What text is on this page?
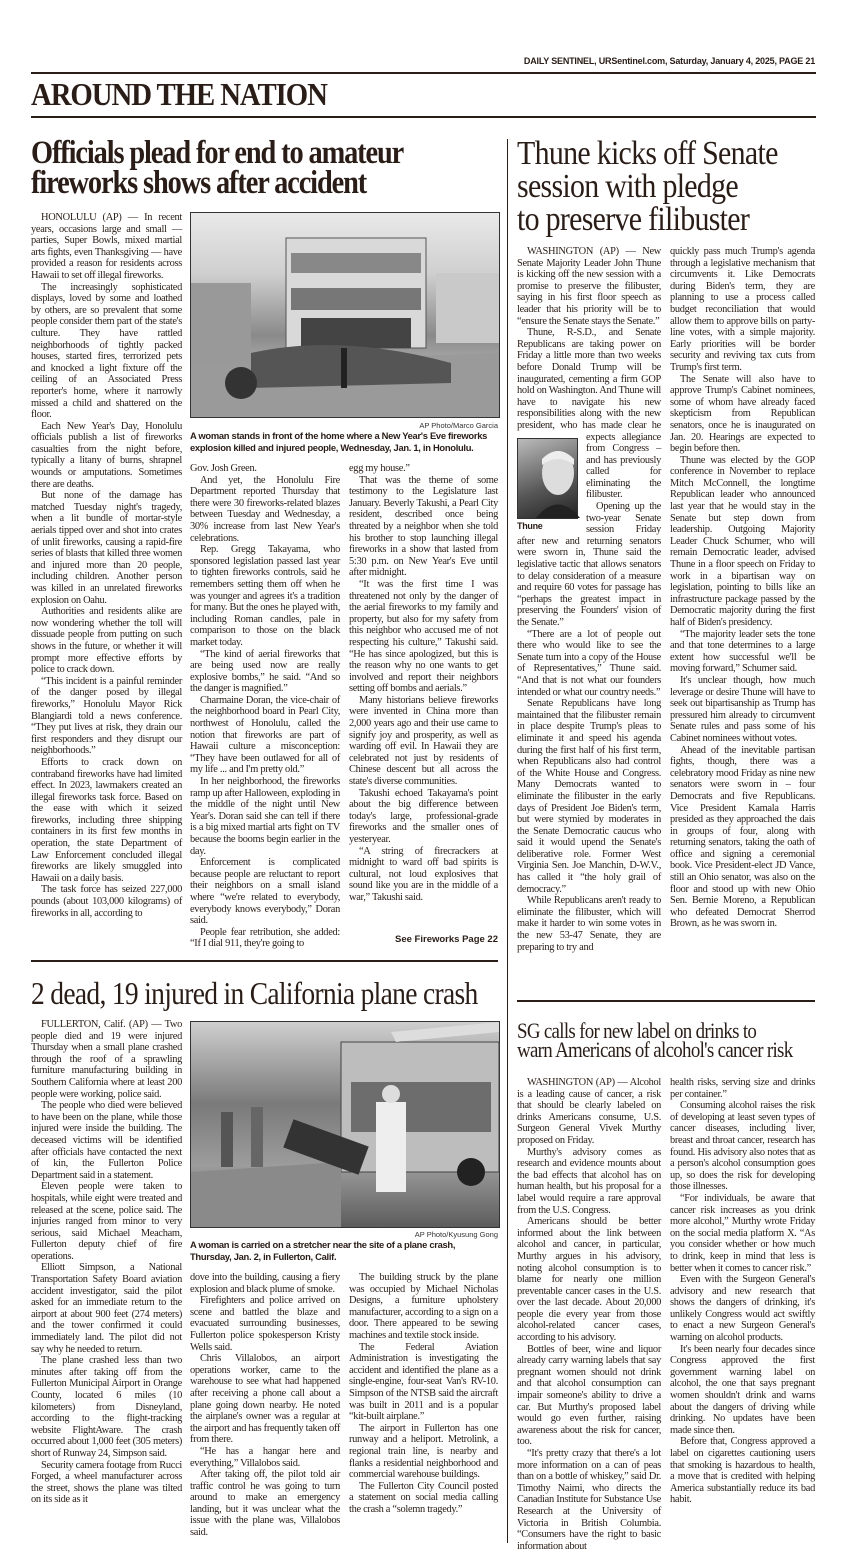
DAILY SENTINEL, URSentinel.com, Saturday, January 4, 2025, PAGE 21
AROUND THE NATION
Officials plead for end to amateur
fireworks shows after accident

HONOLULU (AP) — In recent years, occasions large and small — parties, Super Bowls, mixed martial arts fights, even Thanksgiving — have provided a reason for residents across Hawaii to set off illegal fireworks.

The increasingly sophisticated displays, loved by some and loathed by others, are so prevalent that some people consider them part of the state's culture. They have rattled neighborhoods of tightly packed houses, started fires, terrorized pets and knocked a light fixture off the ceiling of an Associated Press reporter's home, where it narrowly missed a child and shattered on the floor.

Each New Year's Day, Honolulu officials publish a list of fireworks casualties from the night before, typically a litany of burns, shrapnel wounds or amputations. Sometimes there are deaths.

But none of the damage has matched Tuesday night's tragedy, when a lit bundle of mortar-style aerials tipped over and shot into crates of unlit fireworks, causing a rapid-fire series of blasts that killed three women and injured more than 20 people, including children. Another person was killed in an unrelated fireworks explosion on Oahu.

Authorities and residents alike are now wondering whether the toll will dissuade people from putting on such shows in the future, or whether it will prompt more effective efforts by police to crack down.

“This incident is a painful reminder of the danger posed by illegal fireworks,” Honolulu Mayor Rick Blangiardi told a news conference. “They put lives at risk, they drain our first responders and they disrupt our neighborhoods.”

Efforts to crack down on contraband fireworks have had limited effect. In 2023, lawmakers created an illegal fireworks task force. Based on the ease with which it seized fireworks, including three shipping containers in its first few months in operation, the state Department of Law Enforcement concluded illegal fireworks are likely smuggled into Hawaii on a daily basis.

The task force has seized 227,000 pounds (about 103,000 kilograms) of fireworks in all, according to

AP Photo/Marco Garcia
A woman stands in front of the home where a New Year's Eve fireworks explosion killed and injured people, Wednesday, Jan. 1, in Honolulu.

Gov. Josh Green.

And yet, the Honolulu Fire Department reported Thursday that there were 30 fireworks-related blazes between Tuesday and Wednesday, a 30% increase from last New Year's celebrations.

Rep. Gregg Takayama, who sponsored legislation passed last year to tighten fireworks controls, said he remembers setting them off when he was younger and agrees it's a tradition for many. But the ones he played with, including Roman candles, pale in comparison to those on the black market today.

“The kind of aerial fireworks that are being used now are really explosive bombs,” he said. “And so the danger is magnified.”

Charmaine Doran, the vice-chair of the neighborhood board in Pearl City, northwest of Honolulu, called the notion that fireworks are part of Hawaii culture a misconception: “They have been outlawed for all of my life ... and I'm pretty old.”

In her neighborhood, the fireworks ramp up after Halloween, exploding in the middle of the night until New Year's. Doran said she can tell if there is a big mixed martial arts fight on TV because the booms begin earlier in the day.

Enforcement is complicated because people are reluctant to report their neighbors on a small island where “we're related to everybody, everybody knows everybody,” Doran said.

People fear retribution, she added: “If I dial 911, they're going to

egg my house.”

That was the theme of some testimony to the Legislature last January. Beverly Takushi, a Pearl City resident, described once being threated by a neighbor when she told his brother to stop launching illegal fireworks in a show that lasted from 5:30 p.m. on New Year's Eve until after midnight.

“It was the first time I was threatened not only by the danger of the aerial fireworks to my family and property, but also for my safety from this neighbor who accused me of not respecting his culture,” Takushi said. “He has since apologized, but this is the reason why no one wants to get involved and report their neighbors setting off bombs and aerials.”

Many historians believe fireworks were invented in China more than 2,000 years ago and their use came to signify joy and prosperity, as well as warding off evil. In Hawaii they are celebrated not just by residents of Chinese descent but all across the state's diverse communities.

Takushi echoed Takayama's point about the big difference between today's large, professional-grade fireworks and the smaller ones of yesteryear.

“A string of firecrackers at midnight to ward off bad spirits is cultural, not loud explosives that sound like you are in the middle of a war,” Takushi said.

See Fireworks Page 22
Thune kicks off Senate
session with pledge
to preserve filibuster

WASHINGTON (AP) — New Senate Majority Leader John Thune is kicking off the new session with a promise to preserve the filibuster, saying in his first floor speech as leader that his priority will be to “ensure the Senate stays the Senate.”

Thune, R-S.D., and Senate Republicans are taking power on Friday a little more than two weeks before Donald Trump will be inaugurated, cementing a firm GOP hold on Washington. And Thune will have to navigate his new responsibilities along with the new president, who has made
Thune
clear he expects allegiance from Congress – and has previously called for eliminating the filibuster.

Opening up the two-year Senate session Friday after new and returning senators were sworn in, Thune said the legislative tactic that allows senators to delay consideration of a measure and require 60 votes for passage has “perhaps the greatest impact in preserving the Founders' vision of the Senate.”

“There are a lot of people out there who would like to see the Senate turn into a copy of the House of Representatives,” Thune said. “And that is not what our founders intended or what our country needs.”

Senate Republicans have long maintained that the filibuster remain in place despite Trump's pleas to eliminate it and speed his agenda during the first half of his first term, when Republicans also had control of the White House and Congress. Many Democrats wanted to eliminate the filibuster in the early days of President Joe Biden's term, but were stymied by moderates in the Senate Democratic caucus who said it would upend the Senate's deliberative role. Former West Virginia Sen. Joe Manchin, D-W.V., has called it “the holy grail of democracy.”

While Republicans aren't ready to eliminate the filibuster, which will make it harder to win some votes in the new 53-47 Senate, they are preparing to try and

quickly pass much Trump's agenda through a legislative mechanism that circumvents it. Like Democrats during Biden's term, they are planning to use a process called budget reconciliation that would allow them to approve bills on party-line votes, with a simple majority. Early priorities will be border security and reviving tax cuts from Trump's first term.

The Senate will also have to approve Trump's Cabinet nominees, some of whom have already faced skepticism from Republican senators, once he is inaugurated on Jan. 20. Hearings are expected to begin before then.

Thune was elected by the GOP conference in November to replace Mitch McConnell, the longtime Republican leader who announced last year that he would stay in the Senate but step down from leadership. Outgoing Majority Leader Chuck Schumer, who will remain Democratic leader, advised Thune in a floor speech on Friday to work in a bipartisan way on legislation, pointing to bills like an infrastructure package passed by the Democratic majority during the first half of Biden's presidency.

“The majority leader sets the tone and that tone determines to a large extent how successful we'll be moving forward,” Schumer said.

It's unclear though, how much leverage or desire Thune will have to seek out bipartisanship as Trump has pressured him already to circumvent Senate rules and pass some of his Cabinet nominees without votes.

Ahead of the inevitable partisan fights, though, there was a celebratory mood Friday as nine new senators were sworn in – four Democrats and five Republicans. Vice President Kamala Harris presided as they approached the dais in groups of four, along with returning senators, taking the oath of office and signing a ceremonial book. Vice President-elect JD Vance, still an Ohio senator, was also on the floor and stood up with new Ohio Sen. Bernie Moreno, a Republican who defeated Democrat Sherrod Brown, as he was sworn in.

2 dead, 19 injured in California plane crash

FULLERTON, Calif. (AP) — Two people died and 19 were injured Thursday when a small plane crashed through the roof of a sprawling furniture manufacturing building in Southern California where at least 200 people were working, police said.

The people who died were believed to have been on the plane, while those injured were inside the building. The deceased victims will be identified after officials have contacted the next of kin, the Fullerton Police Department said in a statement.

Eleven people were taken to hospitals, while eight were treated and released at the scene, police said. The injuries ranged from minor to very serious, said Michael Meacham, Fullerton deputy chief of fire operations.

Elliott Simpson, a National Transportation Safety Board aviation accident investigator, said the pilot asked for an immediate return to the airport at about 900 feet (274 meters) and the tower confirmed it could immediately land. The pilot did not say why he needed to return.

The plane crashed less than two minutes after taking off from the Fullerton Municipal Airport in Orange County, located 6 miles (10 kilometers) from Disneyland, according to the flight-tracking website FlightAware. The crash occurred about 1,000 feet (305 meters) short of Runway 24, Simpson said.

Security camera footage from Rucci Forged, a wheel manufacturer across the street, shows the plane was tilted on its side as it

AP Photo/Kyusung Gong
A woman is carried on a stretcher near the site of a plane crash, Thursday, Jan. 2, in Fullerton, Calif.

dove into the building, causing a fiery explosion and black plume of smoke.

Firefighters and police arrived on scene and battled the blaze and evacuated surrounding businesses, Fullerton police spokesperson Kristy Wells said.

Chris Villalobos, an airport operations worker, came to the warehouse to see what had happened after receiving a phone call about a plane going down nearby. He noted the airplane's owner was a regular at the airport and has frequently taken off from there.

“He has a hangar here and everything,” Villalobos said.

After taking off, the pilot told air traffic control he was going to turn around to make an emergency landing, but it was unclear what the issue with the plane was, Villalobos said.

The building struck by the plane was occupied by Michael Nicholas Designs, a furniture upholstery manufacturer, according to a sign on a door. There appeared to be sewing machines and textile stock inside.

The Federal Aviation Administration is investigating the accident and identified the plane as a single-engine, four-seat Van's RV-10. Simpson of the NTSB said the aircraft was built in 2011 and is a popular “kit-built airplane.”

The airport in Fullerton has one runway and a heliport. Metrolink, a regional train line, is nearby and flanks a residential neighborhood and commercial warehouse buildings.

The Fullerton City Council posted a statement on social media calling the crash a “solemn tragedy.”

SG calls for new label on drinks to
warn Americans of alcohol's cancer risk

WASHINGTON (AP) — Alcohol is a leading cause of cancer, a risk that should be clearly labeled on drinks Americans consume, U.S. Surgeon General Vivek Murthy proposed on Friday.

Murthy's advisory comes as research and evidence mounts about the bad effects that alcohol has on human health, but his proposal for a label would require a rare approval from the U.S. Congress.

Americans should be better informed about the link between alcohol and cancer, in particular, Murthy argues in his advisory, noting alcohol consumption is to blame for nearly one million preventable cancer cases in the U.S. over the last decade. About 20,000 people die every year from those alcohol-related cancer cases, according to his advisory.

Bottles of beer, wine and liquor already carry warning labels that say pregnant women should not drink and that alcohol consumption can impair someone's ability to drive a car. But Murthy's proposed label would go even further, raising awareness about the risk for cancer, too.

“It's pretty crazy that there's a lot more information on a can of peas than on a bottle of whiskey,” said Dr. Timothy Naimi, who directs the Canadian Institute for Substance Use Research at the University of Victoria in British Columbia. “Consumers have the right to basic information about

health risks, serving size and drinks per container.”

Consuming alcohol raises the risk of developing at least seven types of cancer diseases, including liver, breast and throat cancer, research has found. His advisory also notes that as a person's alcohol consumption goes up, so does the risk for developing those illnesses.

“For individuals, be aware that cancer risk increases as you drink more alcohol,” Murthy wrote Friday on the social media platform X. “As you consider whether or how much to drink, keep in mind that less is better when it comes to cancer risk.”

Even with the Surgeon General's advisory and new research that shows the dangers of drinking, it's unlikely Congress would act swiftly to enact a new Surgeon General's warning on alcohol products.

It's been nearly four decades since Congress approved the first government warning label on alcohol, the one that says pregnant women shouldn't drink and warns about the dangers of driving while drinking. No updates have been made since then.

Before that, Congress approved a label on cigarettes cautioning users that smoking is hazardous to health, a move that is credited with helping America substantially reduce its bad habit.
